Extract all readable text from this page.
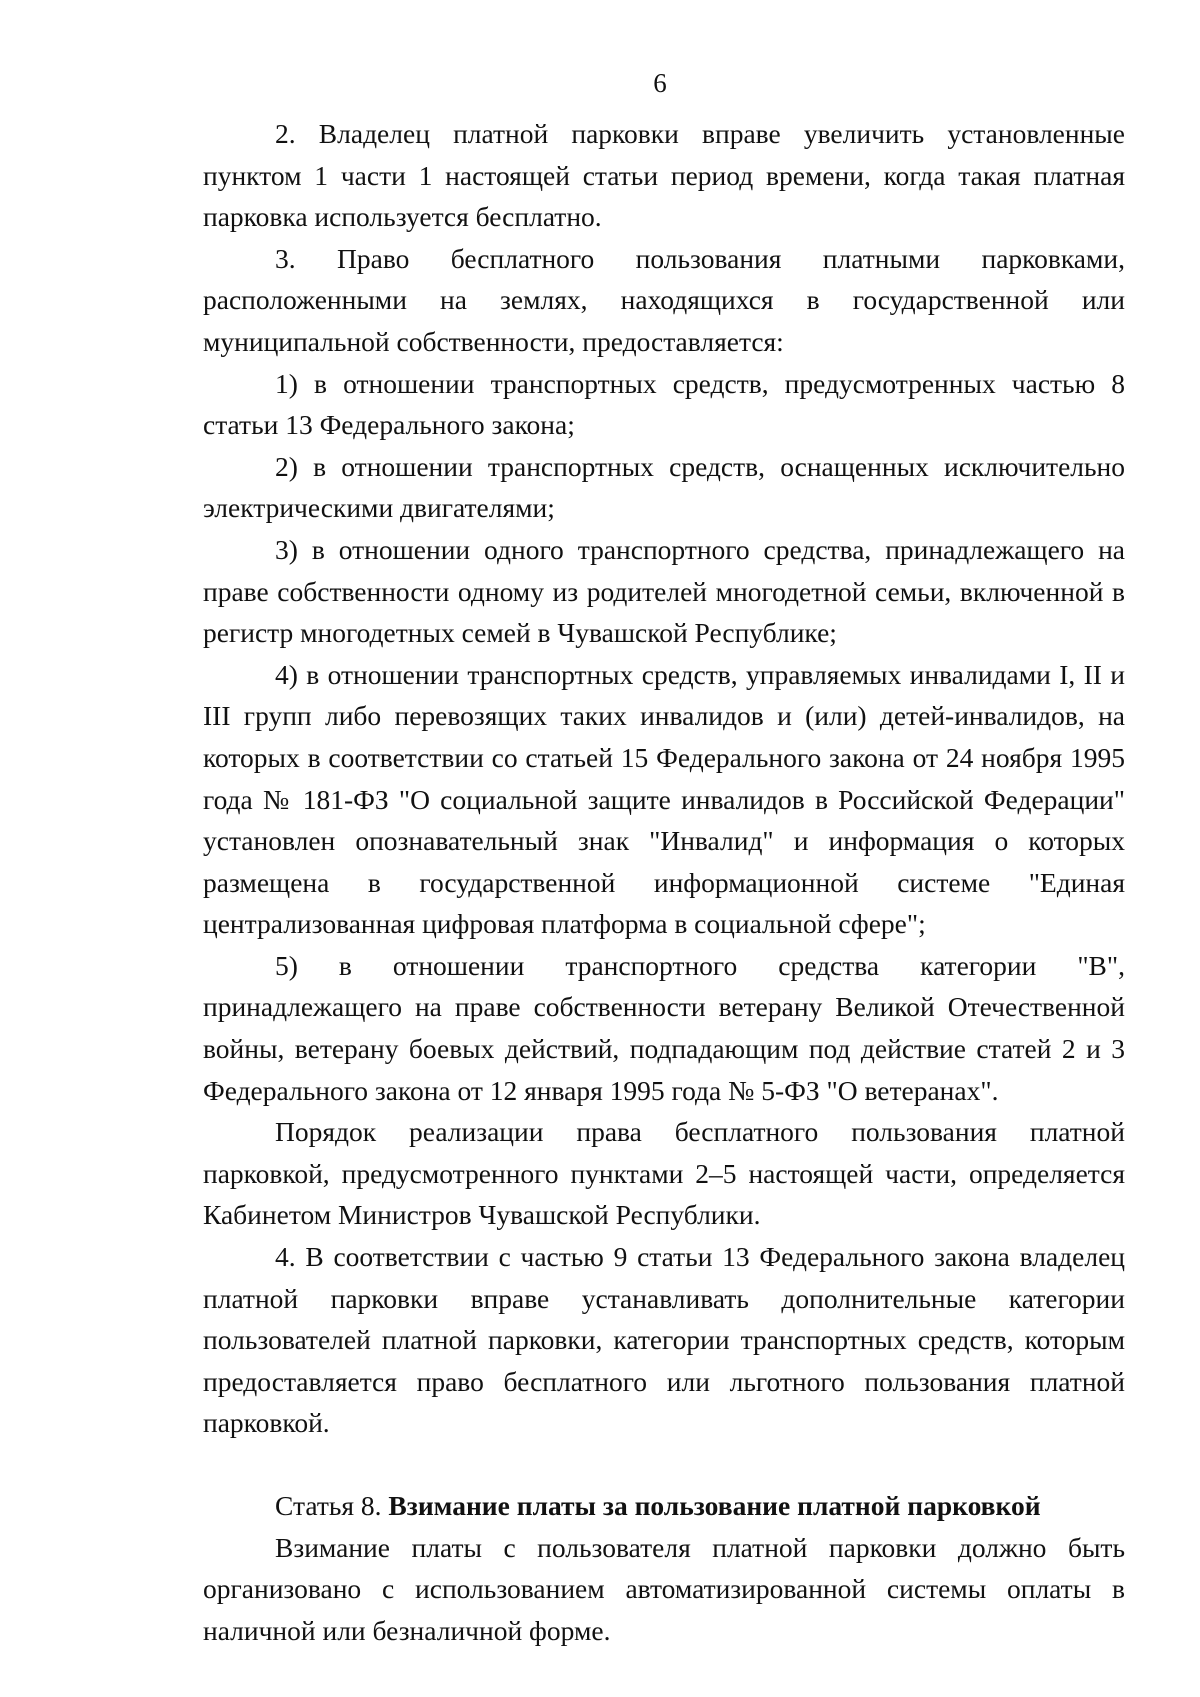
6

2. Владелец платной парковки вправе увеличить установленные пунктом 1 части 1 настоящей статьи период времени, когда такая платная парковка используется бесплатно.

3. Право бесплатного пользования платными парковками, расположенными на землях, находящихся в государственной или муниципальной собственности, предоставляется:

1) в отношении транспортных средств, предусмотренных частью 8 статьи 13 Федерального закона;

2) в отношении транспортных средств, оснащенных исключительно электрическими двигателями;

3) в отношении одного транспортного средства, принадлежащего на праве собственности одному из родителей многодетной семьи, включенной в регистр многодетных семей в Чувашской Республике;

4) в отношении транспортных средств, управляемых инвалидами I, II и III групп либо перевозящих таких инвалидов и (или) детей-инвалидов, на которых в соответствии со статьей 15 Федерального закона от 24 ноября 1995 года № 181-ФЗ "О социальной защите инвалидов в Российской Федерации" установлен опознавательный знак "Инвалид" и информация о которых размещена в государственной информационной системе "Единая централизованная цифровая платформа в социальной сфере";

5) в отношении транспортного средства категории "B", принадлежащего на праве собственности ветерану Великой Отечественной войны, ветерану боевых действий, подпадающим под действие статей 2 и 3 Федерального закона от 12 января 1995 года № 5-ФЗ "О ветеранах".

Порядок реализации права бесплатного пользования платной парковкой, предусмотренного пунктами 2–5 настоящей части, определяется Кабинетом Министров Чувашской Республики.

4. В соответствии с частью 9 статьи 13 Федерального закона владелец платной парковки вправе устанавливать дополнительные категории пользователей платной парковки, категории транспортных средств, которым предоставляется право бесплатного или льготного пользования платной парковкой.

Статья 8. Взимание платы за пользование платной парковкой

Взимание платы с пользователя платной парковки должно быть организовано с использованием автоматизированной системы оплаты в наличной или безналичной форме.
